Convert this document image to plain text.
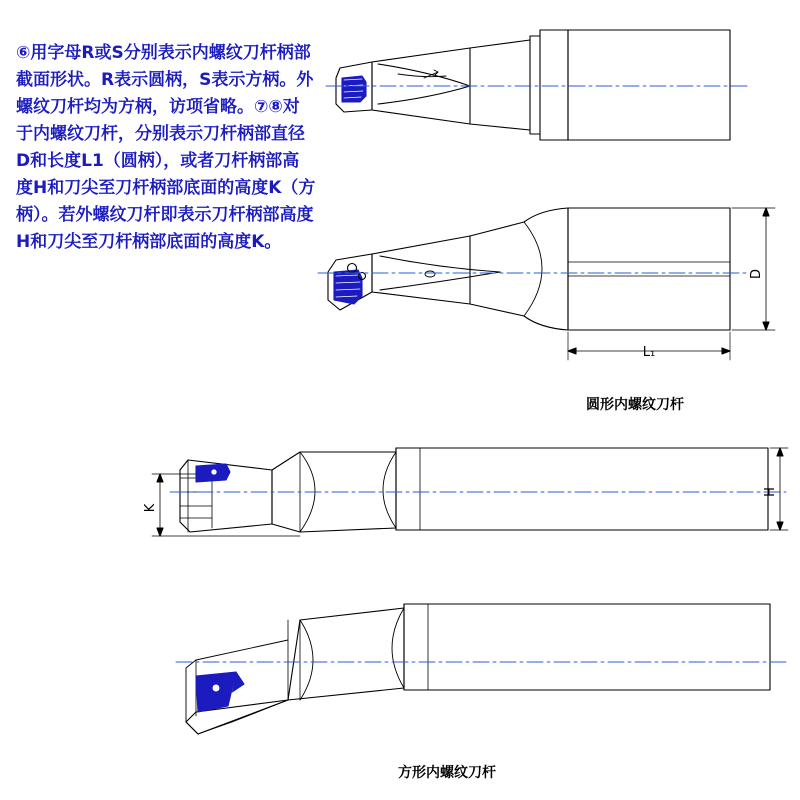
⑥用字母R或S分别表示内螺纹刀杆柄部截面形状。R表示圆柄，S表示方柄。外螺纹刀杆均为方柄，访项省略。⑦⑧对于内螺纹刀杆，分别表示刀杆柄部直径D和长度L1（圆柄），或者刀杆柄部高度H和刀尖至刀杆柄部底面的高度K（方柄）。若外螺纹刀杆即表示刀杆柄部高度H和刀尖至刀杆柄部底面的高度K。
D
L₁
H
K
圆形内螺纹刀杆
方形内螺纹刀杆
